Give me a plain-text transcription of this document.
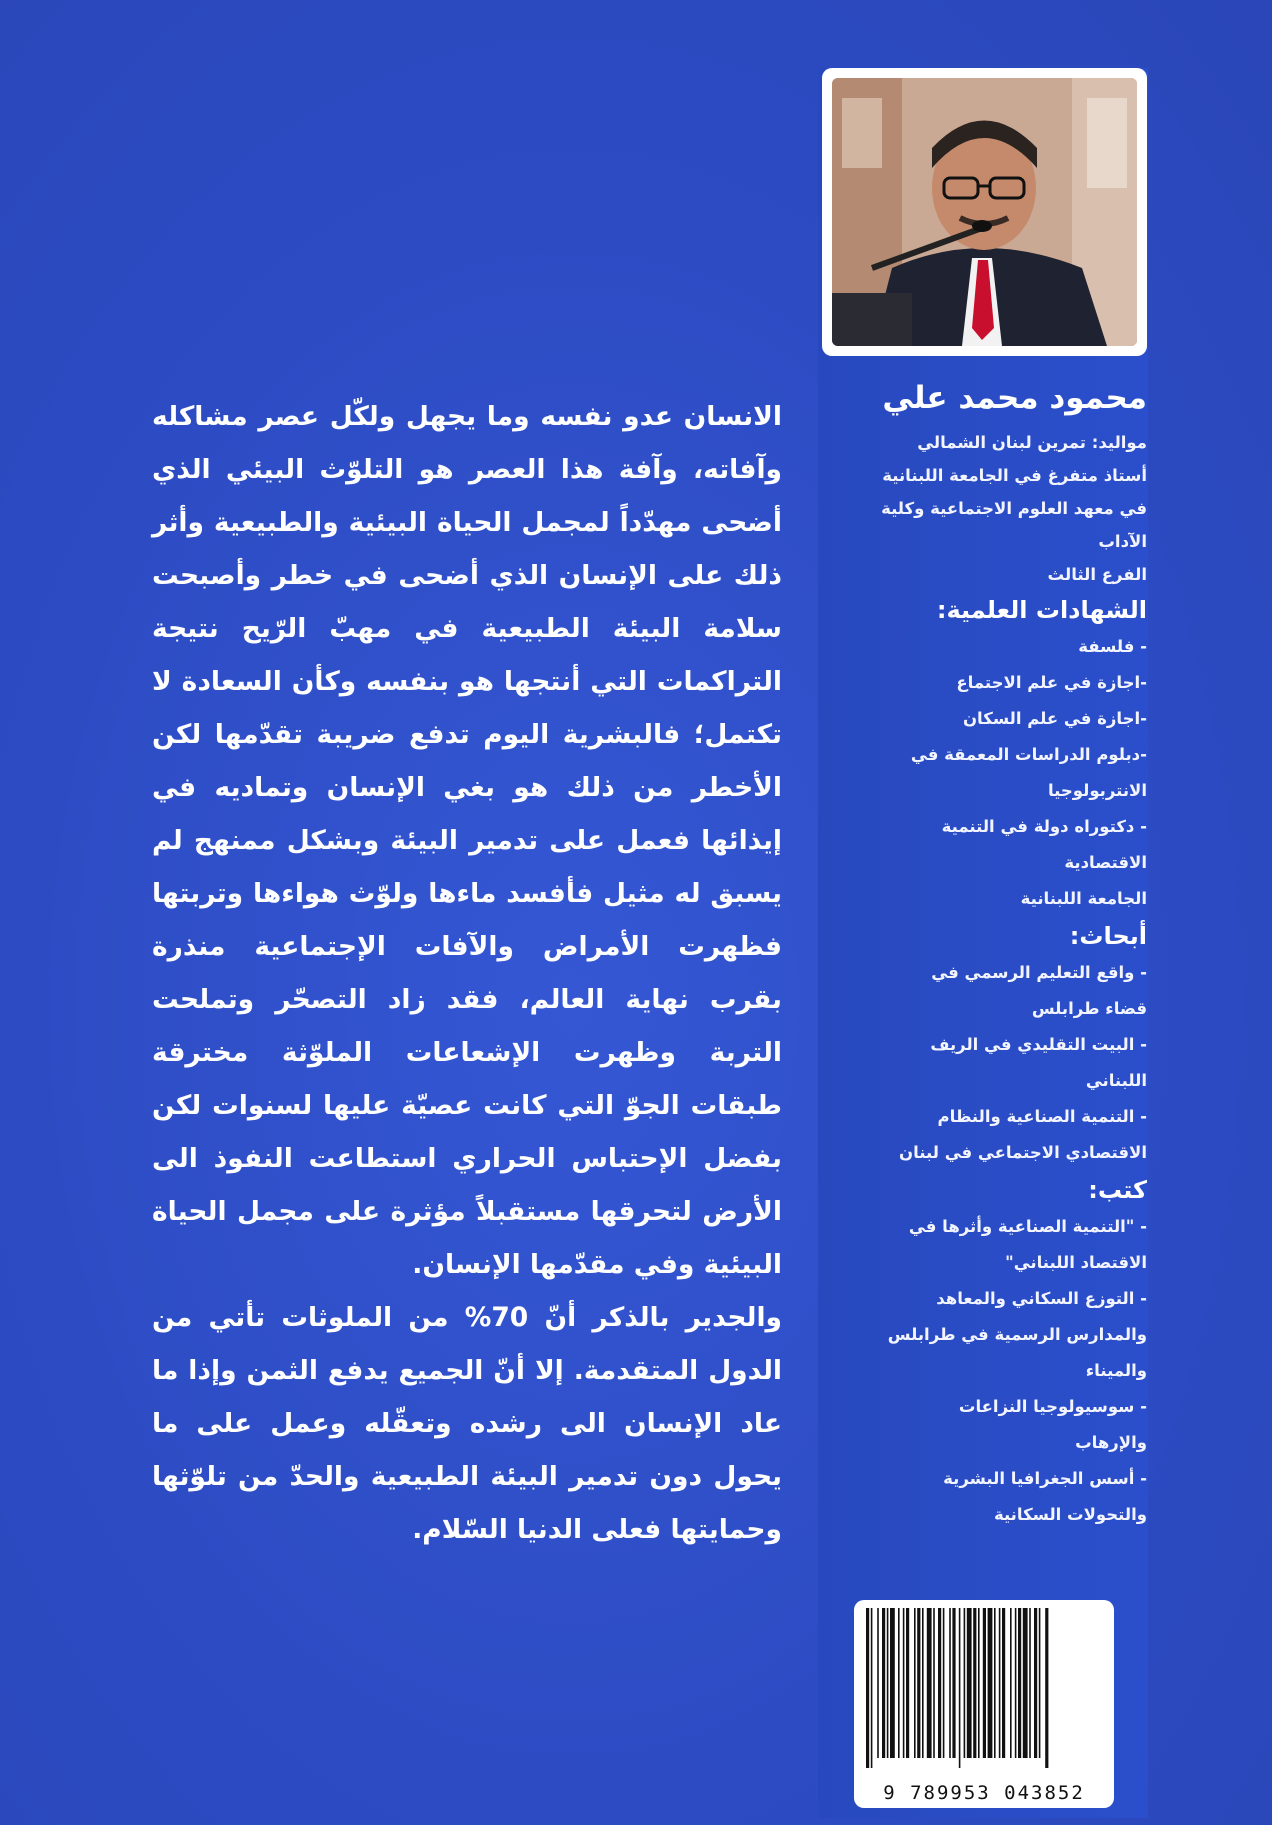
محمود محمد علي
مواليد: تمرين لبنان الشمالي
أستاذ متفرغ في الجامعة اللبنانية
في معهد العلوم الاجتماعية وكلية
الآداب
الفرع الثالث
الشهادات العلمية:
- فلسفة
-اجازة في علم الاجتماع
-اجازة في علم السكان
-دبلوم الدراسات المعمقة في
الانتربولوجيا
- دكتوراه دولة في التنمية
الاقتصادية
الجامعة اللبنانية
أبحاث:
- واقع التعليم الرسمي في
قضاء طرابلس
- البيت التقليدي في الريف
اللبناني
- التنمية الصناعية والنظام
الاقتصادي الاجتماعي في لبنان
كتب:
- "التنمية الصناعية وأثرها في
الاقتصاد اللبناني"
- التوزع السكاني والمعاهد
والمدارس الرسمية في طرابلس
والميناء
- سوسيولوجيا النزاعات
والإرهاب
- أسس الجغرافيا البشرية
والتحولات السكانية

الانسان عدو نفسه وما يجهل ولكّل عصر مشاكله وآفاته، وآفة هذا العصر هو التلوّث البيئي الذي أضحى مهدّداً لمجمل الحياة البيئية والطبيعية وأثر ذلك على الإنسان الذي أضحى في خطر وأصبحت سلامة البيئة الطبيعية في مهبّ الرّيح نتيجة التراكمات التي أنتجها هو بنفسه وكأن السعادة لا تكتمل؛ فالبشرية اليوم تدفع ضريبة تقدّمها لكن الأخطر من ذلك هو بغي الإنسان وتماديه في إيذائها فعمل على تدمير البيئة وبشكل ممنهج لم يسبق له مثيل فأفسد ماءها ولوّث هواءها وتربتها فظهرت الأمراض والآفات الإجتماعية منذرة بقرب نهاية العالم، فقد زاد التصحّر وتملحت التربة وظهرت الإشعاعات الملوّثة مخترقة طبقات الجوّ التي كانت عصيّة عليها لسنوات لكن بفضل الإحتباس الحراري استطاعت النفوذ الى الأرض لتحرقها مستقبلاً مؤثرة على مجمل الحياة البيئية وفي مقدّمها الإنسان.

والجدير بالذكر أنّ 70% من الملوثات تأتي من الدول المتقدمة. إلا أنّ الجميع يدفع الثمن وإذا ما عاد الإنسان الى رشده وتعقّله وعمل على ما يحول دون تدمير البيئة الطبيعية والحدّ من تلوّثها وحمايتها فعلى الدنيا السّلام.

9 789953 043852
